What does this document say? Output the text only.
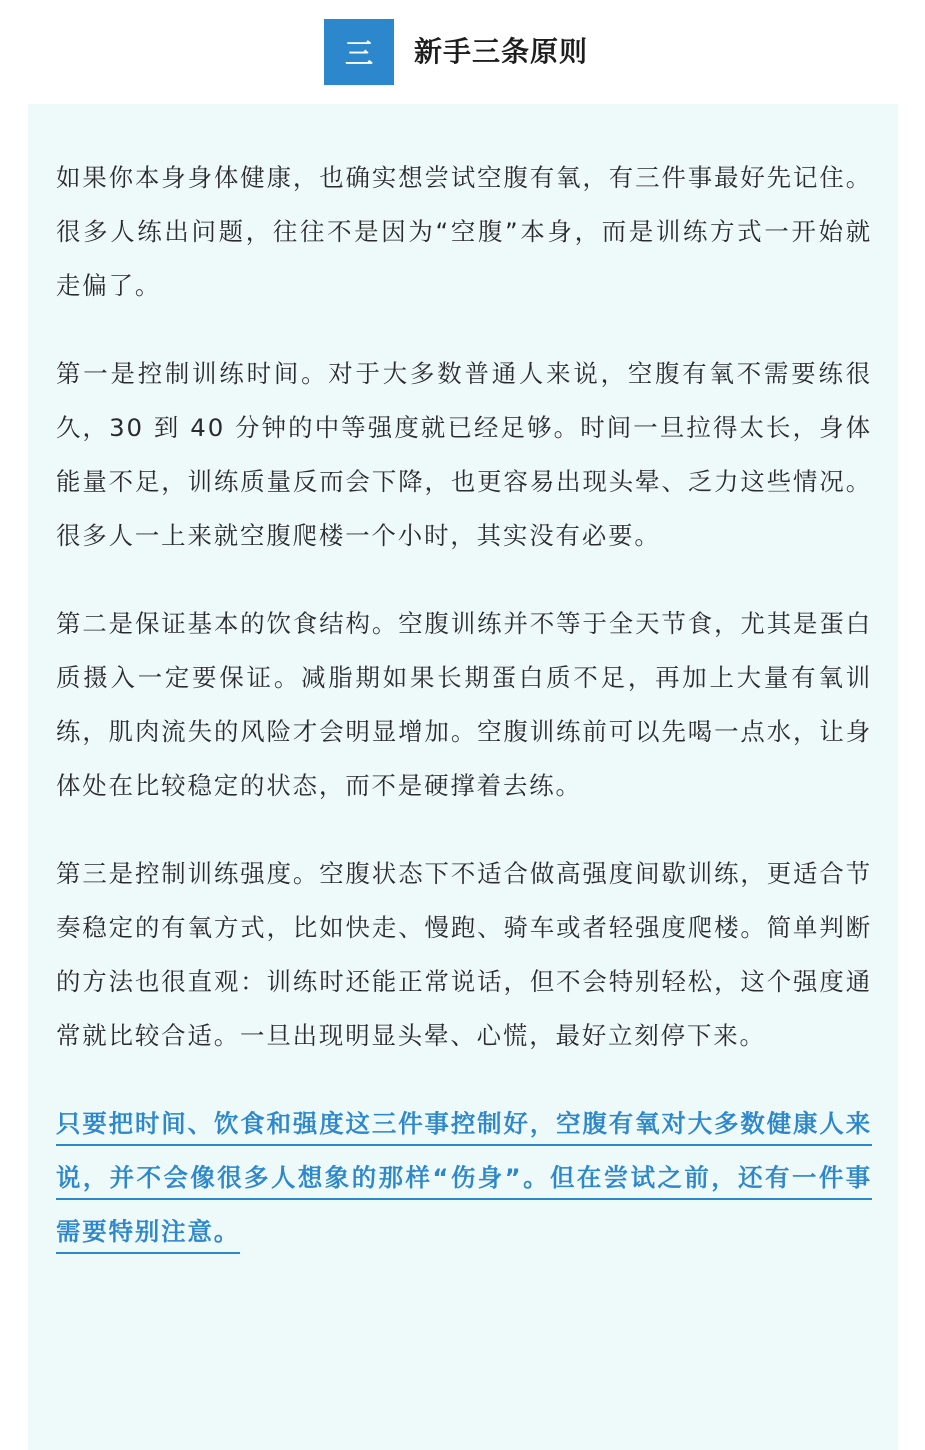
三	新手三条原则

如果你本身身体健康，也确实想尝试空腹有氧，有三件事最好先记住。很多人练出问题，往往不是因为“空腹”本身，而是训练方式一开始就走偏了。

第一是控制训练时间。对于大多数普通人来说，空腹有氧不需要练很久，30 到 40 分钟的中等强度就已经足够。时间一旦拉得太长，身体能量不足，训练质量反而会下降，也更容易出现头晕、乏力这些情况。很多人一上来就空腹爬楼一个小时，其实没有必要。

第二是保证基本的饮食结构。空腹训练并不等于全天节食，尤其是蛋白质摄入一定要保证。减脂期如果长期蛋白质不足，再加上大量有氧训练，肌肉流失的风险才会明显增加。空腹训练前可以先喝一点水，让身体处在比较稳定的状态，而不是硬撑着去练。

第三是控制训练强度。空腹状态下不适合做高强度间歇训练，更适合节奏稳定的有氧方式，比如快走、慢跑、骑车或者轻强度爬楼。简单判断的方法也很直观：训练时还能正常说话，但不会特别轻松，这个强度通常就比较合适。一旦出现明显头晕、心慌，最好立刻停下来。

只要把时间、饮食和强度这三件事控制好，空腹有氧对大多数健康人来说，并不会像很多人想象的那样“伤身”。但在尝试之前，还有一件事需要特别注意。
